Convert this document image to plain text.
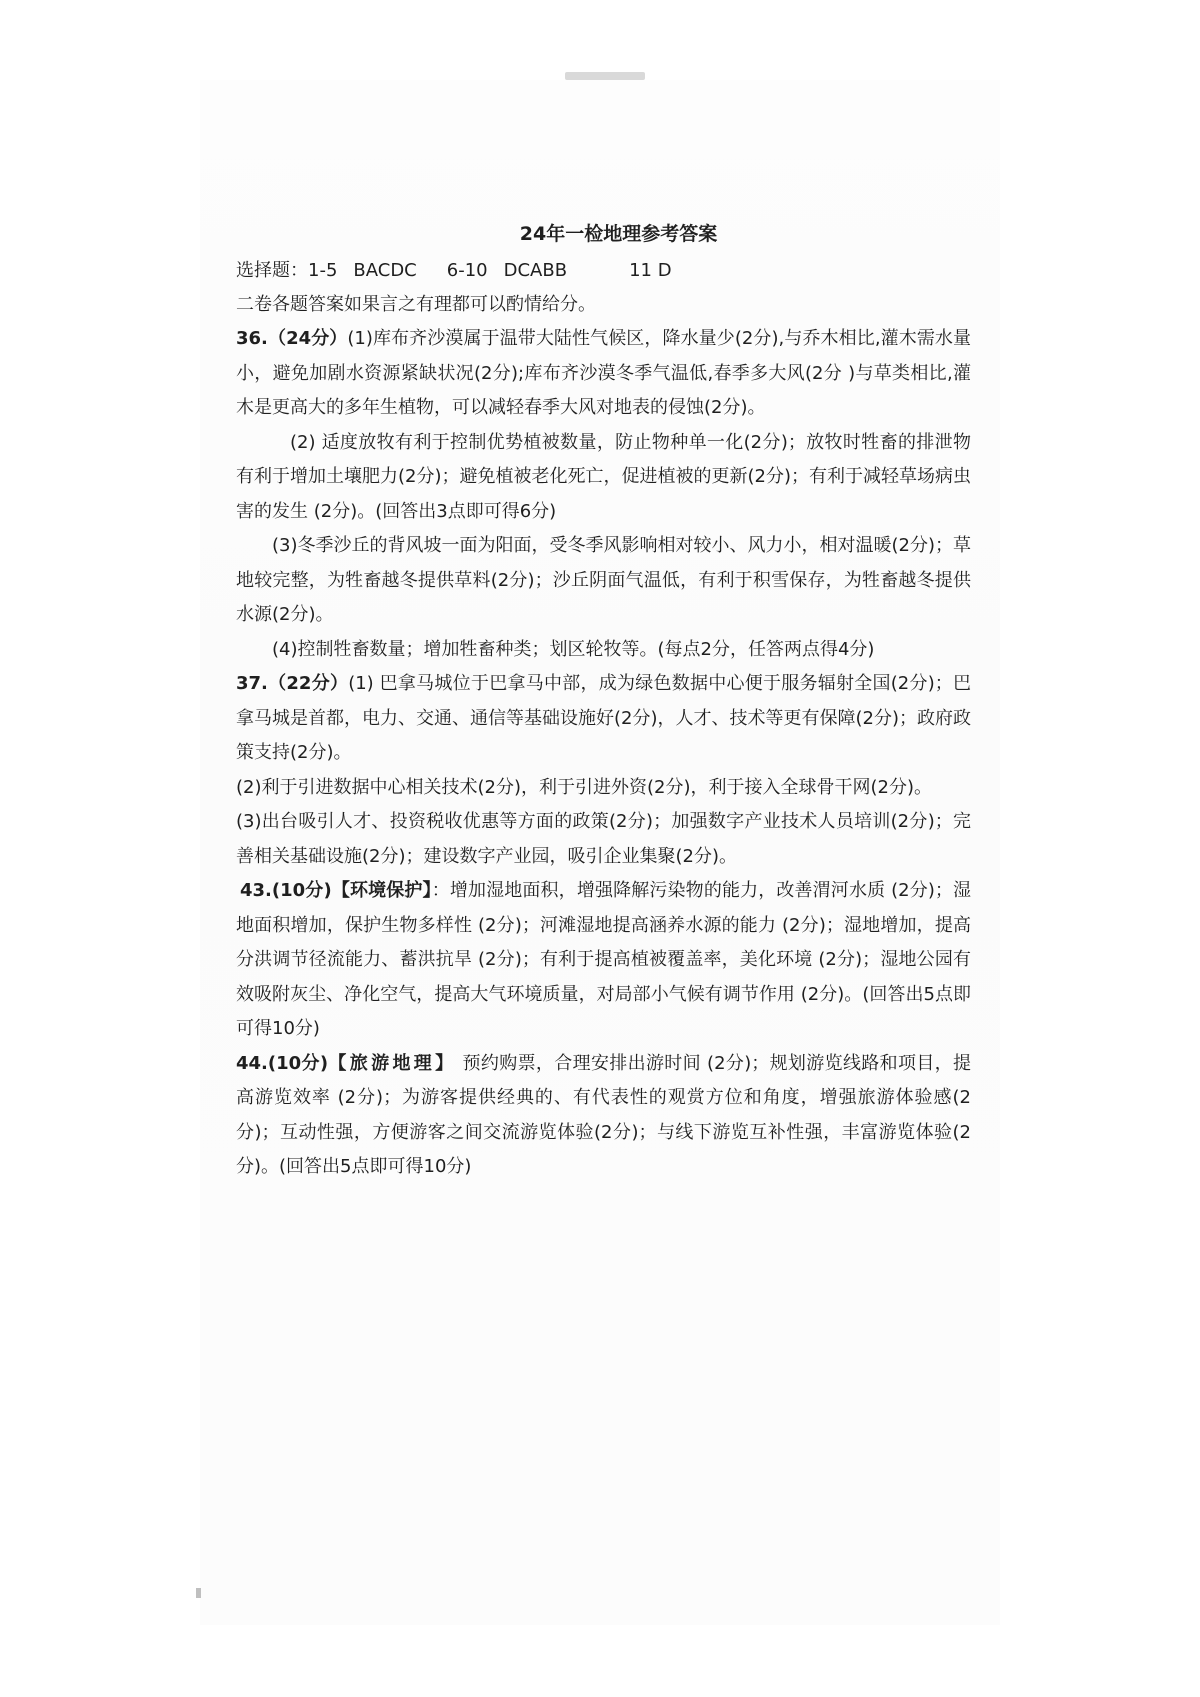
24年一检地理参考答案
选择题： 1-5 BACDC 6-10 DCABB	11 D

二卷各题答案如果言之有理都可以酌情给分。

36.（24分）(1)库布齐沙漠属于温带大陆性气候区，降水量少(2分),与乔木相比,灌木需水量小，避免加剧水资源紧缺状况(2分);库布齐沙漠冬季气温低,春季多大风(2分 )与草类相比,灌木是更高大的多年生植物，可以减轻春季大风对地表的侵蚀(2分)。

(2) 适度放牧有利于控制优势植被数量，防止物种单一化(2分)；放牧时牲畜的排泄物有利于增加土壤肥力(2分)；避免植被老化死亡，促进植被的更新(2分)；有利于减轻草场病虫害的发生 (2分)。(回答出3点即可得6分)

(3)冬季沙丘的背风坡一面为阳面，受冬季风影响相对较小、风力小，相对温暖(2分)；草地较完整，为牲畜越冬提供草料(2分)；沙丘阴面气温低，有利于积雪保存，为牲畜越冬提供水源(2分)。

(4)控制牲畜数量；增加牲畜种类；划区轮牧等。(每点2分，任答两点得4分)

37.（22分）(1) 巴拿马城位于巴拿马中部，成为绿色数据中心便于服务辐射全国(2分)；巴拿马城是首都，电力、交通、通信等基础设施好(2分)，人才、技术等更有保障(2分)；政府政策支持(2分)。

(2)利于引进数据中心相关技术(2分)，利于引进外资(2分)，利于接入全球骨干网(2分)。

(3)出台吸引人才、投资税收优惠等方面的政策(2分)；加强数字产业技术人员培训(2分)；完善相关基础设施(2分)；建设数字产业园，吸引企业集聚(2分)。

43.(10分)【环境保护】：增加湿地面积，增强降解污染物的能力，改善渭河水质 (2分)；湿地面积增加，保护生物多样性 (2分)；河滩湿地提高涵养水源的能力 (2分)；湿地增加，提高分洪调节径流能力、蓄洪抗旱 (2分)；有利于提高植被覆盖率，美化环境 (2分)；湿地公园有效吸附灰尘、净化空气，提高大气环境质量，对局部小气候有调节作用 (2分)。(回答出5点即可得10分)

44.(10分)【旅游地理】 预约购票，合理安排出游时间 (2分)；规划游览线路和项目，提高游览效率 (2分)；为游客提供经典的、有代表性的观赏方位和角度，增强旅游体验感(2分)；互动性强，方便游客之间交流游览体验(2分)；与线下游览互补性强，丰富游览体验(2分)。(回答出5点即可得10分)
